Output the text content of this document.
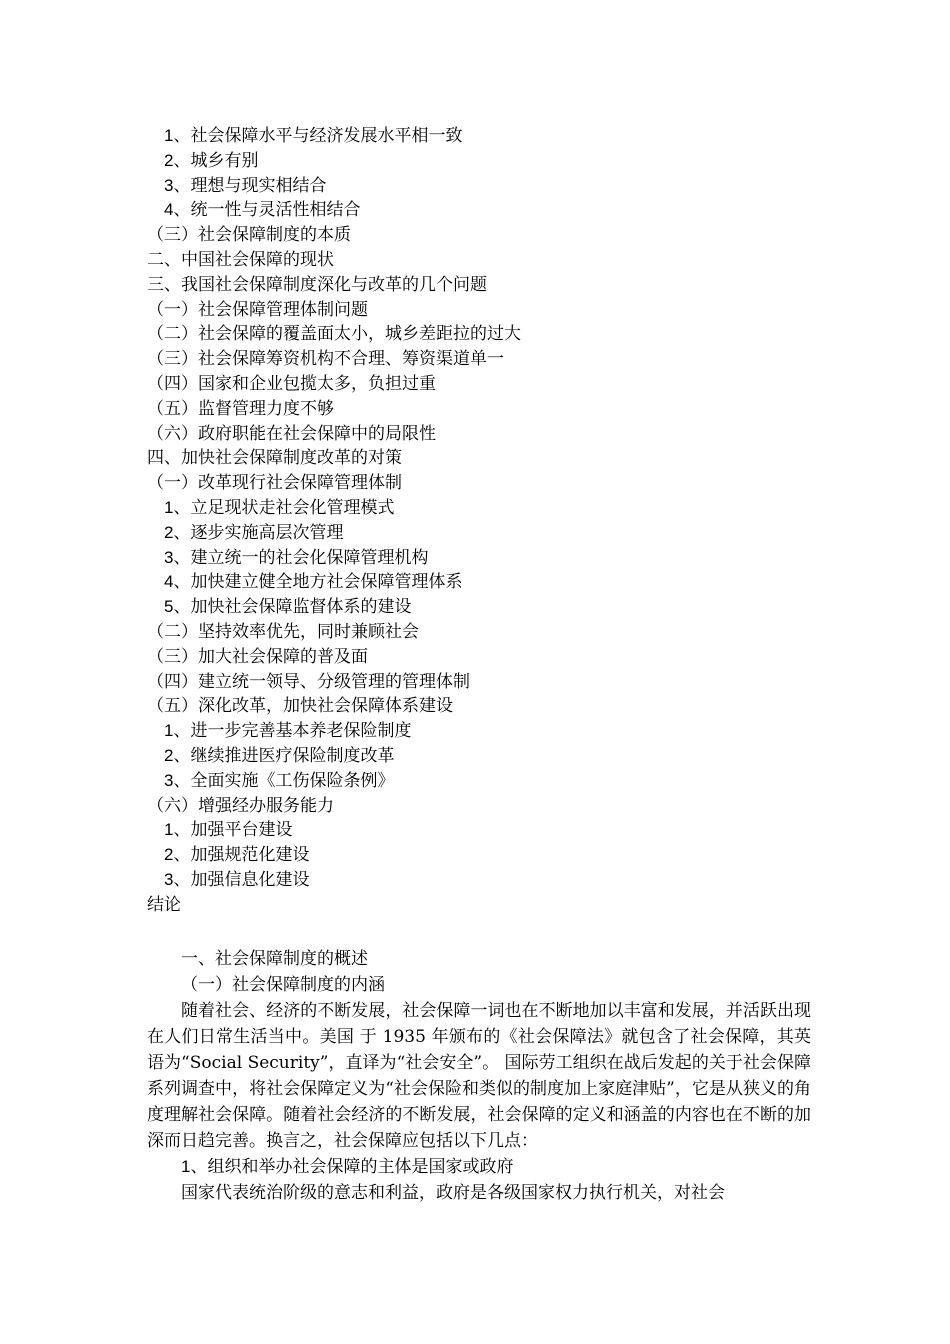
1、社会保障水平与经济发展水平相一致
2、城乡有别
3、理想与现实相结合
4、统一性与灵活性相结合
（三）社会保障制度的本质
二、中国社会保障的现状
三、我国社会保障制度深化与改革的几个问题
（一）社会保障管理体制问题
（二）社会保障的覆盖面太小，城乡差距拉的过大
（三）社会保障筹资机构不合理、筹资渠道单一
（四）国家和企业包揽太多，负担过重
（五）监督管理力度不够
（六）政府职能在社会保障中的局限性
四、加快社会保障制度改革的对策
（一）改革现行社会保障管理体制
1、立足现状走社会化管理模式
2、逐步实施高层次管理
3、建立统一的社会化保障管理机构
4、加快建立健全地方社会保障管理体系
5、加快社会保障监督体系的建设
（二）坚持效率优先，同时兼顾社会
（三）加大社会保障的普及面
（四）建立统一领导、分级管理的管理体制
（五）深化改革，加快社会保障体系建设
1、进一步完善基本养老保险制度
2、继续推进医疗保险制度改革
3、全面实施《工伤保险条例》
（六）增强经办服务能力
1、加强平台建设
2、加强规范化建设
3、加强信息化建设
结论
一、社会保障制度的概述
（一）社会保障制度的内涵

随着社会、经济的不断发展，社会保障一词也在不断地加以丰富和发展，并活跃出现在人们日常生活当中。美国 于 1935 年颁布的《社会保障法》就包含了社会保障，其英语为“Social Security”，直译为“社会安全”。 国际劳工组织在战后发起的关于社会保障系列调查中，将社会保障定义为“社会保险和类似的制度加上家庭津贴”，它是从狭义的角度理解社会保障。随着社会经济的不断发展，社会保障的定义和涵盖的内容也在不断的加深而日趋完善。换言之，社会保障应包括以下几点：

1、组织和举办社会保障的主体是国家或政府

国家代表统治阶级的意志和利益，政府是各级国家权力执行机关，对社会
